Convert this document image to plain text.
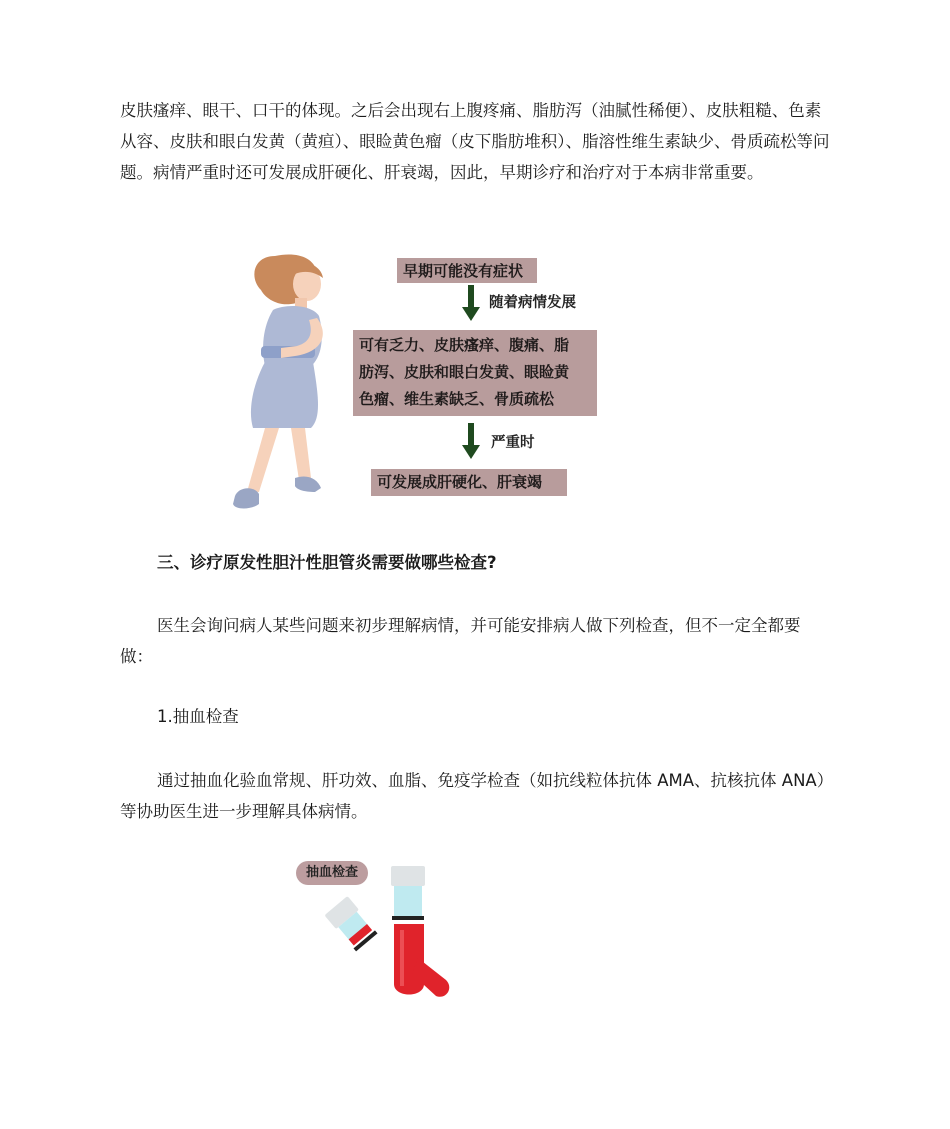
皮肤瘙痒、眼干、口干的体现。之后会出现右上腹疼痛、脂肪泻（油腻性稀便）、皮肤粗糙、色素从容、皮肤和眼白发黄（黄疸）、眼睑黄色瘤（皮下脂肪堆积）、脂溶性维生素缺少、骨质疏松等问题。病情严重时还可发展成肝硬化、肝衰竭，因此，早期诊疗和治疗对于本病非常重要。

早期可能没有症状
随着病情发展
可有乏力、皮肤瘙痒、腹痛、脂
肪泻、皮肤和眼白发黄、眼睑黄
色瘤、维生素缺乏、骨质疏松
严重时
可发展成肝硬化、肝衰竭

三、诊疗原发性胆汁性胆管炎需要做哪些检查?

医生会询问病人某些问题来初步理解病情，并可能安排病人做下列检查，但不一定全都要做：

1.抽血检查

通过抽血化验血常规、肝功效、血脂、免疫学检查（如抗线粒体抗体 AMA、抗核抗体 ANA）等协助医生进一步理解具体病情。

抽血检查
